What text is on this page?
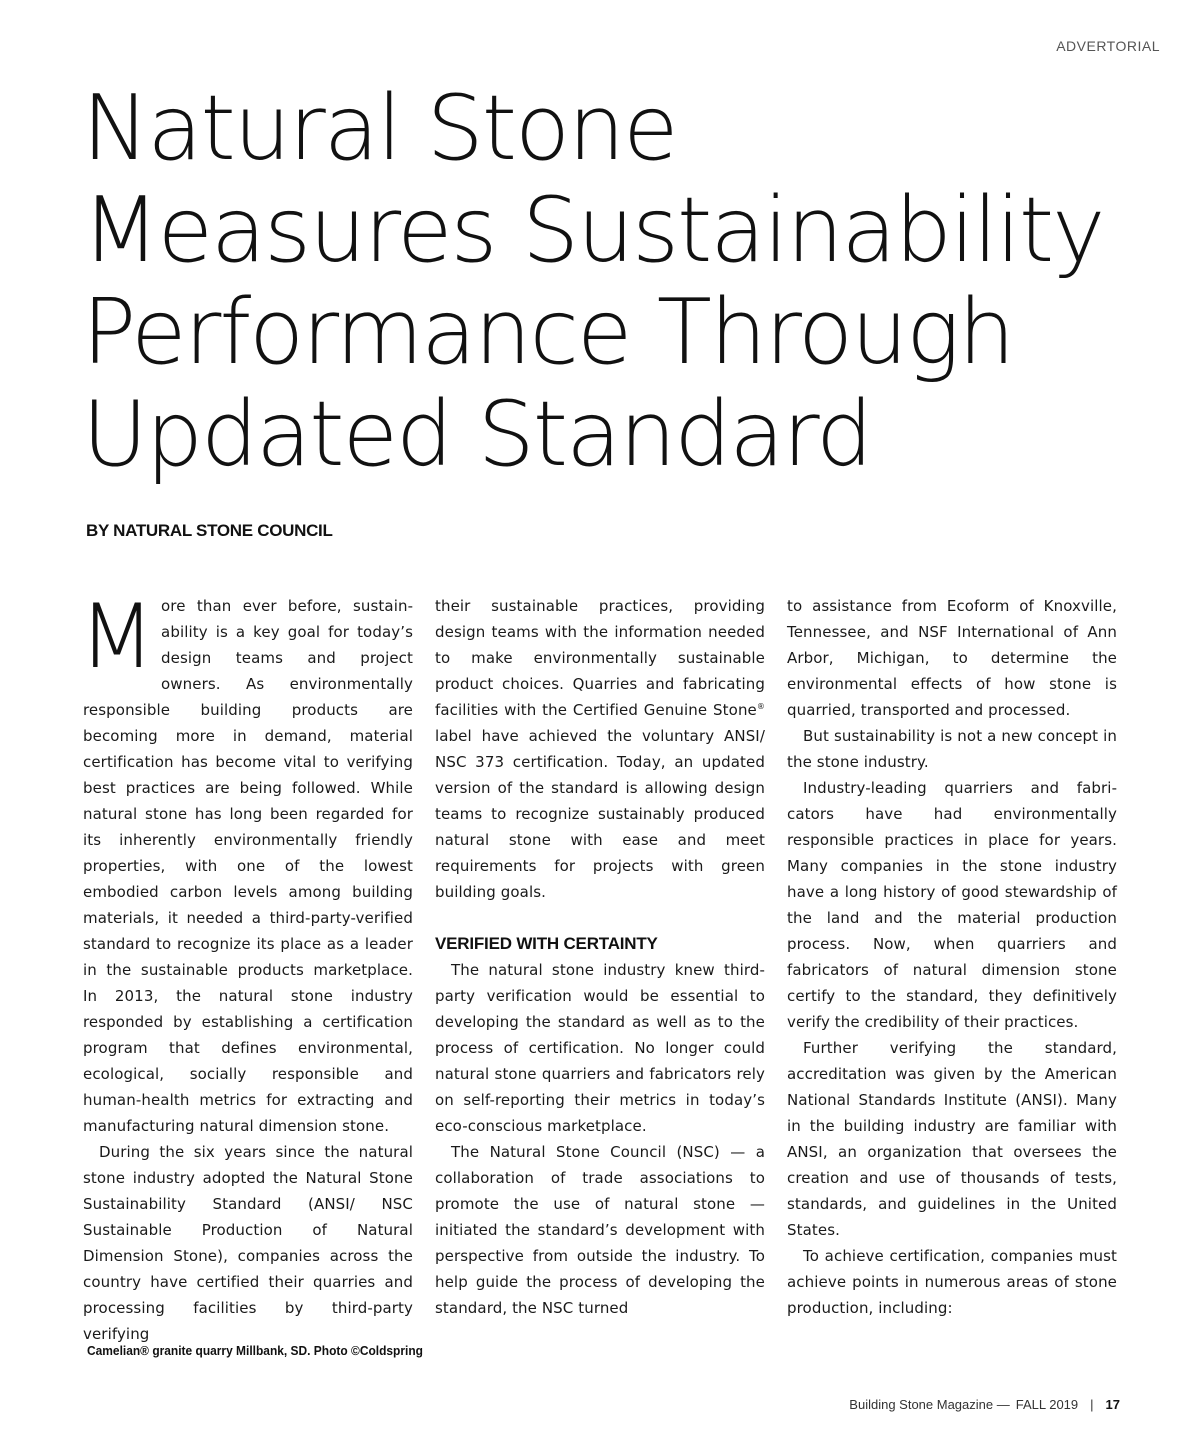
ADVERTORIAL
Natural Stone
Measures Sustainability
Performance Through
Updated Standard
BY NATURAL STONE COUNCIL

More than ever before, sustainability is a key goal for today’s design teams and project owners. As environmentally responsible building products are becoming more in demand, material certification has become vital to verifying best practices are being followed. While natural stone has long been regarded for its inherently environmentally friendly properties, with one of the lowest embodied carbon levels among building materials, it needed a third-party-verified standard to recognize its place as a leader in the sustainable products marketplace. In 2013, the natural stone industry responded by establishing a certification program that defines environmental, ecological, socially responsible and human-health metrics for extracting and manufacturing natural dimension stone.

During the six years since the natural stone industry adopted the Natural Stone Sustainability Standard (ANSI/ NSC Sustainable Production of Natural Dimension Stone), companies across the country have certified their quarries and processing facilities by third-party verifying

their sustainable practices, providing design teams with the information needed to make environmentally sustainable product choices. Quarries and fabricating facilities with the Certified Genuine Stone® label have achieved the voluntary ANSI/ NSC 373 certification. Today, an updated version of the standard is allowing design teams to recognize sustainably produced natural stone with ease and meet requirements for projects with green building goals.

VERIFIED WITH CERTAINTY

The natural stone industry knew third-party verification would be essential to developing the standard as well as to the process of certification. No longer could natural stone quarriers and fabricators rely on self-reporting their metrics in today’s eco-conscious marketplace.

The Natural Stone Council (NSC) — a collaboration of trade associations to promote the use of natural stone — initiated the standard’s development with perspective from outside the industry. To help guide the process of developing the standard, the NSC turned

to assistance from Ecoform of Knoxville, Tennessee, and NSF International of Ann Arbor, Michigan, to determine the environmental effects of how stone is quarried, transported and processed.

But sustainability is not a new concept in the stone industry.

Industry-leading quarriers and fabricators have had environmentally responsible practices in place for years. Many companies in the stone industry have a long history of good stewardship of the land and the material production process. Now, when quarriers and fabricators of natural dimension stone certify to the standard, they definitively verify the credibility of their practices.

Further verifying the standard, accreditation was given by the American National Standards Institute (ANSI). Many in the building industry are familiar with ANSI, an organization that oversees the creation and use of thousands of tests, standards, and guidelines in the United States.

To achieve certification, companies must achieve points in numerous areas of stone production, including:

Camelian® granite quarry Millbank, SD. Photo ©Coldspring
Building Stone Magazine — FALL 2019 | 17
